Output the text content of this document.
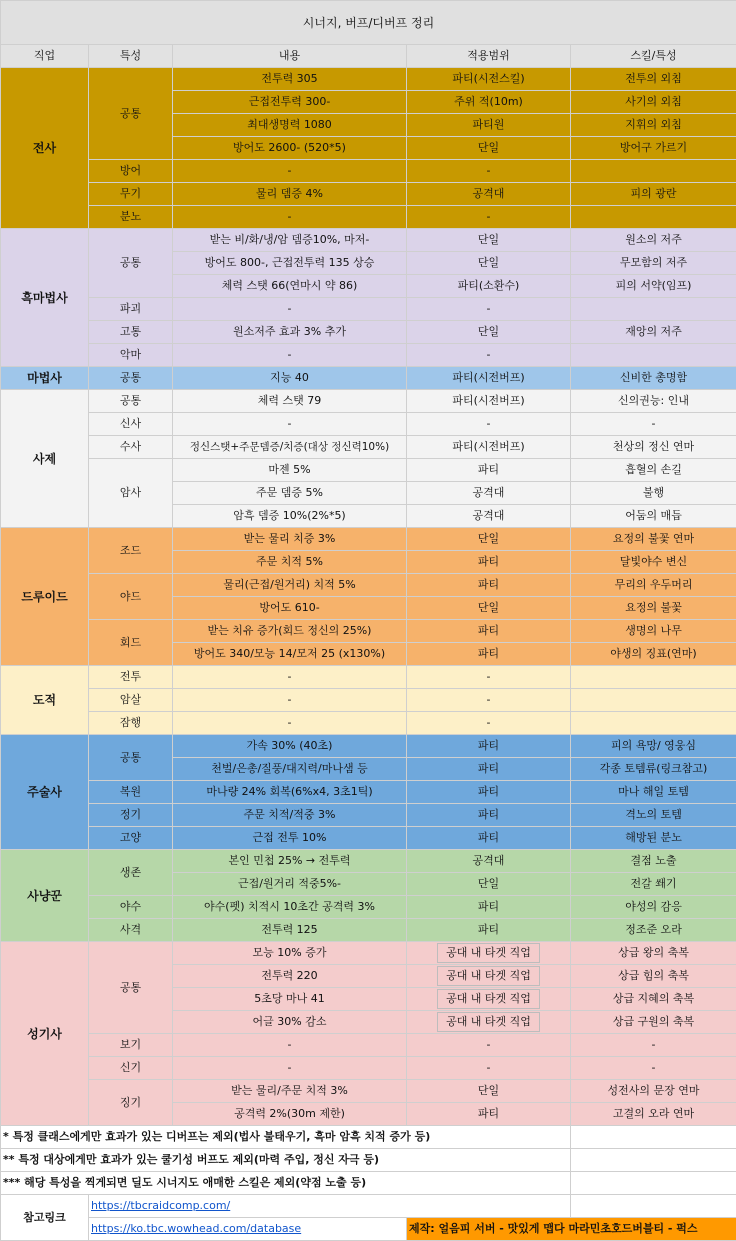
시너지, 버프/디버프 정리				
직업	특성	내용	적용범위	스킬/특성
전사	공통	전투력 305	파티(시전스킬)	전투의 외침
		근접전투력 300-	주위 적(10m)	사기의 외침
		최대생명력 1080	파티원	지휘의 외침
		방어도 2600- (520*5)	단일	방어구 가르기
	방어	-	-	
	무기	물리 뎀증 4%	공격대	피의 광란
	분노	-	-	
흑마법사	공통	받는 비/화/냉/암 뎀증10%, 마저-	단일	원소의 저주
		방어도 800-, 근접전투력 135 상승	단일	무모함의 저주
		체력 스탯 66(연마시 약 86)	파티(소환수)	피의 서약(임프)
	파괴	-	-	
	고통	원소저주 효과 3% 추가	단일	재앙의 저주
	악마	-	-	
마법사	공통	지능 40	파티(시전버프)	신비한 총명함
사제	공통	체력 스탯 79	파티(시전버프)	신의권능: 인내
	신사	-	-	-
	수사	정신스탯+주문뎀증/치증(대상 정신력10%)	파티(시전버프)	천상의 정신 연마
	암사	마젠 5%	파티	흡혈의 손길
		주문 뎀증 5%	공격대	불행
		암흑 뎀증 10%(2%*5)	공격대	어둠의 매듭
드루이드	조드	받는 물리 치증 3%	단일	요정의 불꽃 연마
		주문 치적 5%	파티	달빛야수 변신
	야드	물리(근접/원거리) 치적 5%	파티	무리의 우두머리
		방어도 610-	단일	요정의 불꽃
	회드	받는 치유 증가(회드 정신의 25%)	파티	생명의 나무
		방어도 340/모능 14/모저 25 (x130%)	파티	야생의 징표(연마)
도적	전투	-	-	
	암살	-	-	
	잠행	-	-	
주술사	공통	가속 30% (40초)	파티	피의 욕망/ 영웅심
		천벌/은총/질풍/대지력/마나샘 등	파티	각종 토템류(링크참고)
	복원	마나량 24% 회복(6%x4, 3초1틱)	파티	마나 해일 토템
	정기	주문 치적/적중 3%	파티	격노의 토템
	고양	근접 전투 10%	파티	해방된 분노
사냥꾼	생존	본인 민첩 25% → 전투력	공격대	결점 노출
		근접/원거리 적중5%-	단일	전갈 쐐기
	야수	야수(펫) 치적시 10초간 공격력 3%	파티	야성의 감응
	사격	전투력 125	파티	정조준 오라
성기사	공통	모능 10% 증가	공대 내 타겟 직업	상급 왕의 축복
		전투력 220	공대 내 타겟 직업	상급 힘의 축복
		5초당 마나 41	공대 내 타겟 직업	상급 지혜의 축복
		어글 30% 감소	공대 내 타겟 직업	상급 구원의 축복
	보기	-	-	-
	신기	-	-	-
	징기	받는 물리/주문 치적 3%	단일	성전사의 문장 연마
		공격력 2%(30m 제한)	파티	고결의 오라 연마
* 특정 클래스에게만 효과가 있는 디버프는 제외(법사 불태우기, 흑마 암흑 치적 증가 등)				
** 특정 대상에게만 효과가 있는 쿨기성 버프도 제외(마력 주입, 정신 자극 등)				
*** 해당 특성을 찍게되면 딜도 시너지도 애매한 스킬은 제외(약점 노출 등)				
참고링크	https://tbcraidcomp.com/			
	https://ko.tbc.wowhead.com/database		제작: 얼음피 서버 - 맛있게 맵다 마라민초호드버블티 - 퍽스	
